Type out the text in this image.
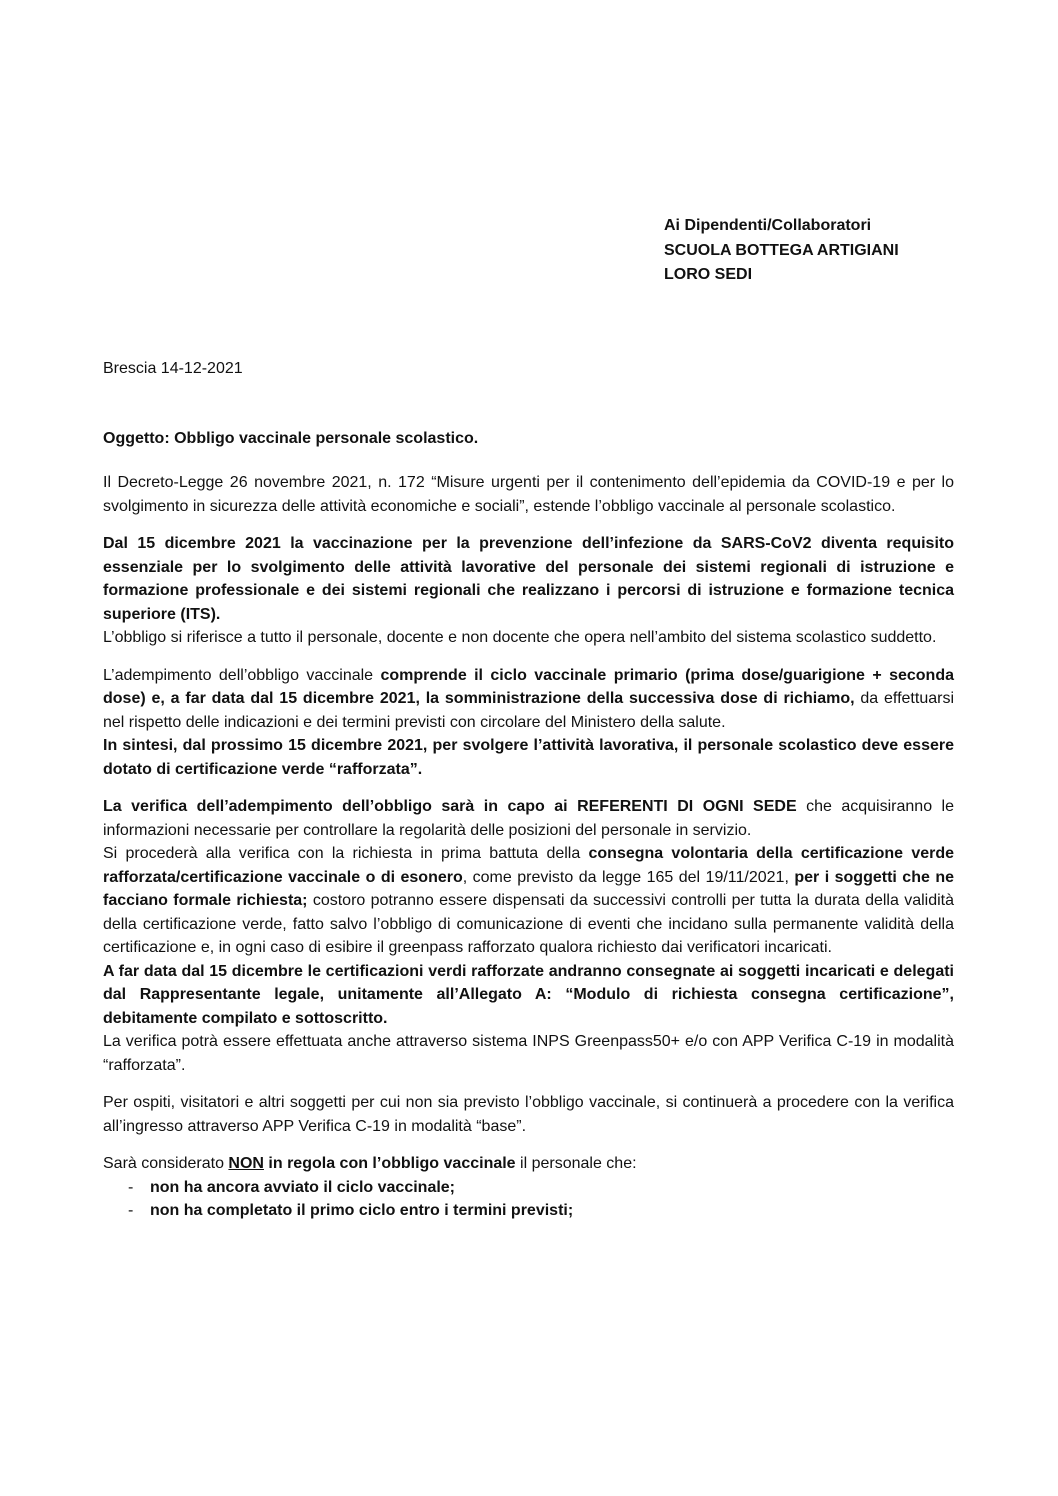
Ai Dipendenti/Collaboratori
SCUOLA BOTTEGA ARTIGIANI
LORO SEDI
Brescia 14-12-2021
Oggetto: Obbligo vaccinale personale scolastico.

Il Decreto-Legge 26 novembre 2021, n. 172 “Misure urgenti per il contenimento dell’epidemia da COVID-19 e per lo svolgimento in sicurezza delle attività economiche e sociali”, estende l’obbligo vaccinale al personale scolastico.

Dal 15 dicembre 2021 la vaccinazione per la prevenzione dell’infezione da SARS-CoV2 diventa requisito essenziale per lo svolgimento delle attività lavorative del personale dei sistemi regionali di istruzione e formazione professionale e dei sistemi regionali che realizzano i percorsi di istruzione e formazione tecnica superiore (ITS).

L’obbligo si riferisce a tutto il personale, docente e non docente che opera nell’ambito del sistema scolastico suddetto.

L’adempimento dell’obbligo vaccinale comprende il ciclo vaccinale primario (prima dose/guarigione + seconda dose) e, a far data dal 15 dicembre 2021, la somministrazione della successiva dose di richiamo, da effettuarsi nel rispetto delle indicazioni e dei termini previsti con circolare del Ministero della salute.

In sintesi, dal prossimo 15 dicembre 2021, per svolgere l’attività lavorativa, il personale scolastico deve essere dotato di certificazione verde “rafforzata”.

La verifica dell’adempimento dell’obbligo sarà in capo ai REFERENTI DI OGNI SEDE che acquisiranno le informazioni necessarie per controllare la regolarità delle posizioni del personale in servizio.

Si procederà alla verifica con la richiesta in prima battuta della consegna volontaria della certificazione verde rafforzata/certificazione vaccinale o di esonero, come previsto da legge 165 del 19/11/2021, per i soggetti che ne facciano formale richiesta; costoro potranno essere dispensati da successivi controlli per tutta la durata della validità della certificazione verde, fatto salvo l’obbligo di comunicazione di eventi che incidano sulla permanente validità della certificazione e, in ogni caso di esibire il greenpass rafforzato qualora richiesto dai verificatori incaricati.

A far data dal 15 dicembre le certificazioni verdi rafforzate andranno consegnate ai soggetti incaricati e delegati dal Rappresentante legale, unitamente all’Allegato A: “Modulo di richiesta consegna certificazione”, debitamente compilato e sottoscritto.

La verifica potrà essere effettuata anche attraverso sistema INPS Greenpass50+ e/o con APP Verifica C-19 in modalità “rafforzata”.

Per ospiti, visitatori e altri soggetti per cui non sia previsto l’obbligo vaccinale, si continuerà a procedere con la verifica all’ingresso attraverso APP Verifica C-19 in modalità “base”.

Sarà considerato NON in regola con l’obbligo vaccinale il personale che:

- non ha ancora avviato il ciclo vaccinale;
- non ha completato il primo ciclo entro i termini previsti;
